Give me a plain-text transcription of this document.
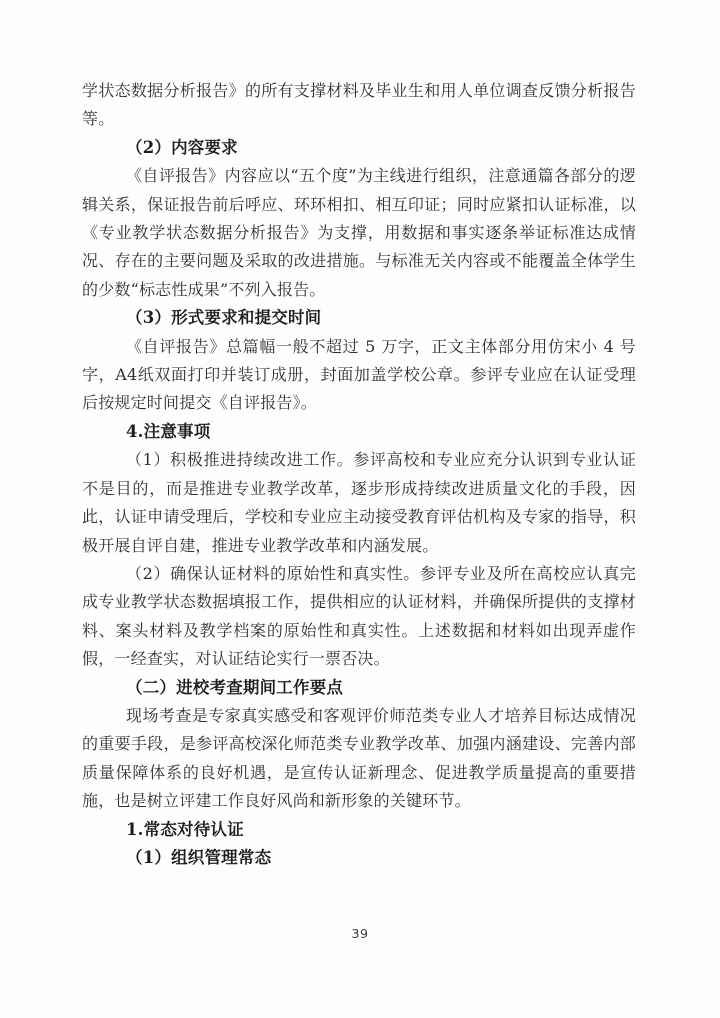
学状态数据分析报告》的所有支撑材料及毕业生和用人单位调查反馈分析报告等。

（2）内容要求

《自评报告》内容应以“五个度”为主线进行组织，注意通篇各部分的逻辑关系，保证报告前后呼应、环环相扣、相互印证；同时应紧扣认证标准，以《专业教学状态数据分析报告》为支撑，用数据和事实逐条举证标准达成情况、存在的主要问题及采取的改进措施。与标准无关内容或不能覆盖全体学生的少数“标志性成果”不列入报告。

（3）形式要求和提交时间

《自评报告》总篇幅一般不超过 5 万字，正文主体部分用仿宋小 4 号字，A4纸双面打印并装订成册，封面加盖学校公章。参评专业应在认证受理后按规定时间提交《自评报告》。

4.注意事项

（1）积极推进持续改进工作。参评高校和专业应充分认识到专业认证不是目的，而是推进专业教学改革，逐步形成持续改进质量文化的手段，因此，认证申请受理后，学校和专业应主动接受教育评估机构及专家的指导，积极开展自评自建，推进专业教学改革和内涵发展。

（2）确保认证材料的原始性和真实性。参评专业及所在高校应认真完成专业教学状态数据填报工作，提供相应的认证材料，并确保所提供的支撑材料、案头材料及教学档案的原始性和真实性。上述数据和材料如出现弄虚作假，一经查实，对认证结论实行一票否决。

（二）进校考查期间工作要点

现场考查是专家真实感受和客观评价师范类专业人才培养目标达成情况的重要手段，是参评高校深化师范类专业教学改革、加强内涵建设、完善内部质量保障体系的良好机遇，是宣传认证新理念、促进教学质量提高的重要措施，也是树立评建工作良好风尚和新形象的关键环节。

1.常态对待认证

（1）组织管理常态

39
